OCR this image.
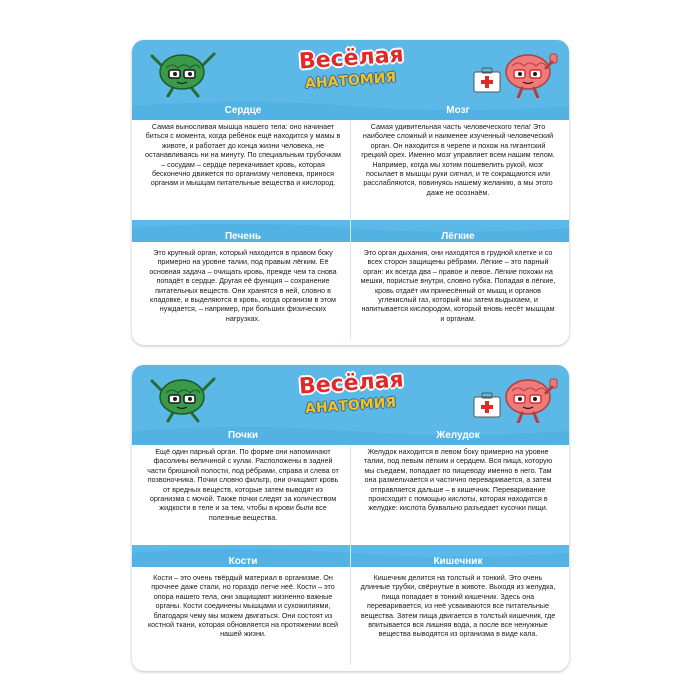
Весёлая
АНАТОМИЯ
Сердце
Самая выносливая мышца нашего тела: оно начинает биться с момента, когда ребёнок ещё находится у мамы в животе, и работает до конца жизни человека, не останавливаясь ни на минуту. По специальным трубочкам – сосудам – сердце перекачивает кровь, которая бесконечно движется по организму человека, принося органам и мышцам питательные вещества и кислород.
Мозг
Самая удивительная часть человеческого тела! Это наиболее сложный и наименее изученный человеческий орган. Он находится в черепе и похож на гигантский грецкий орех. Именно мозг управляет всем нашим телом. Например, когда мы хотим пошевелить рукой, мозг посылает в мышцы руки сигнал, и те сокращаются или расслабляются, повинуясь нашему желанию, а мы этого даже не осознаём.
Печень
Это крупный орган, который находится в правом боку примерно на уровне талии, под правым лёгким. Её основная задача – очищать кровь, прежде чем та снова попадёт в сердце. Другая её функция – сохранение питательных веществ. Они хранятся в ней, словно в кладовке, и выделяются в кровь, когда организм в этом нуждается, – например, при больших физических нагрузках.
Лёгкие
Это орган дыхания, они находятся в грудной клетке и со всех сторон защищены рёбрами. Лёгкие – это парный орган: их всегда два – правое и левое. Лёгкие похожи на мешки, пористые внутри, словно губка. Попадая в лёгкие, кровь отдаёт им принесённый от мышц и органов углекислый газ, который мы затем выдыхаем, и напитывается кислородом, который вновь несёт мышцам и органам.
Весёлая
АНАТОМИЯ
Почки
Ещё один парный орган. По форме они напоминают фасолины величиной с кулак. Расположены в задней части брюшной полости, под рёбрами, справа и слева от позвоночника. Почки словно фильтр, они очищают кровь от вредных веществ, которые затем выводят из организма с мочой. Также почки следят за количеством жидкости в теле и за тем, чтобы в крови были все полезные вещества.
Желудок
Желудок находится в левом боку примерно на уровне талии, под левым лёгким и сердцем. Вся пища, которую мы съедаем, попадает по пищеводу именно в него. Там она размельчается и частично переваривается, а затем отправляется дальше – в кишечник. Переваривание происходит с помощью кислоты, которая находится в желудке: кислота буквально разъедает кусочки пищи.
Кости
Кости – это очень твёрдый материал в организме. Он прочнее даже стали, но гораздо легче неё. Кости – это опора нашего тела, они защищают жизненно важные органы. Кости соединены мышцами и сухожилиями, благодаря чему мы можем двигаться. Они состоят из костной ткани, которая обновляется на протяжении всей нашей жизни.
Кишечник
Кишечник делится на толстый и тонкий. Это очень длинные трубки, свёрнутые в животе. Выходя из желудка, пища попадает в тонкий кишечник. Здесь она переваривается, из неё усваиваются все питательные вещества. Затем пища двигается в толстый кишечник, где впитывается вся лишняя вода, а после все ненужные вещества выводятся из организма в виде кала.
